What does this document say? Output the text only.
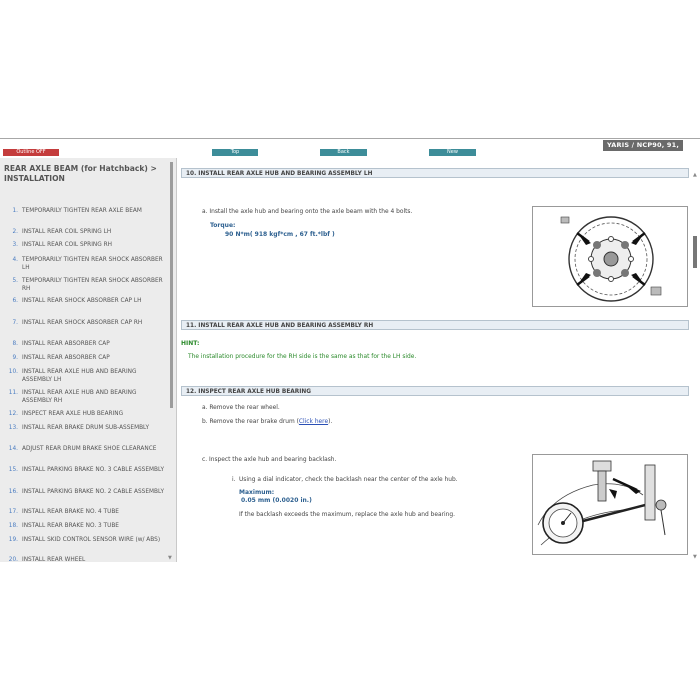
Outline OFF	Top	Back	New
YARIS / NCP90, 91,
REAR AXLE BEAM (for Hatchback) > INSTALLATION
1. TEMPORARILY TIGHTEN REAR AXLE BEAM
2. INSTALL REAR COIL SPRING LH
3. INSTALL REAR COIL SPRING RH
4. TEMPORARILY TIGHTEN REAR SHOCK ABSORBER LH
5. TEMPORARILY TIGHTEN REAR SHOCK ABSORBER RH
6. INSTALL REAR SHOCK ABSORBER CAP LH
7. INSTALL REAR SHOCK ABSORBER CAP RH
8. INSTALL REAR ABSORBER CAP
9. INSTALL REAR ABSORBER CAP
10. INSTALL REAR AXLE HUB AND BEARING ASSEMBLY LH
11. INSTALL REAR AXLE HUB AND BEARING ASSEMBLY RH
12. INSPECT REAR AXLE HUB BEARING
13. INSTALL REAR BRAKE DRUM SUB-ASSEMBLY
14. ADJUST REAR DRUM BRAKE SHOE CLEARANCE
15. INSTALL PARKING BRAKE NO. 3 CABLE ASSEMBLY
16. INSTALL PARKING BRAKE NO. 2 CABLE ASSEMBLY
17. INSTALL REAR BRAKE NO. 4 TUBE
18. INSTALL REAR BRAKE NO. 3 TUBE
19. INSTALL SKID CONTROL SENSOR WIRE (w/ ABS)
20. INSTALL REAR WHEEL	▼
▲
10. INSTALL REAR AXLE HUB AND BEARING ASSEMBLY LH
a. Install the axle hub and bearing onto the axle beam with the 4 bolts.
Torque:
90 N*m( 918 kgf*cm , 67 ft.*lbf )
11. INSTALL REAR AXLE HUB AND BEARING ASSEMBLY RH
HINT:
The installation procedure for the RH side is the same as that for the LH side.
12. INSPECT REAR AXLE HUB BEARING
a. Remove the rear wheel.
b. Remove the rear brake drum (Click here).
c. Inspect the axle hub and bearing backlash.
i. Using a dial indicator, check the backlash near the center of the axle hub.
Maximum:
0.05 mm (0.0020 in.)
If the backlash exceeds the maximum, replace the axle hub and bearing.
▼
